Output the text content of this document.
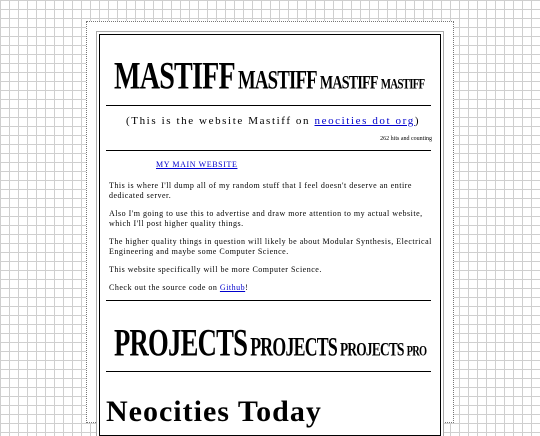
MASTIFF MASTIFF MASTIFF MASTIFF
(This is the website Mastiff on neocities dot org)
262 hits and counting
MY MAIN WEBSITE

This is where I'll dump all of my random stuff that I feel doesn't deserve an entire dedicated server.

Also I'm going to use this to advertise and draw more attention to my actual website, which I'll post higher quality things.

The higher quality things in question will likely be about Modular Synthesis, Electrical Engineering and maybe some Computer Science.

This website specifically will be more Computer Science.

Check out the source code on Github!

PROJECTS PROJECTS PROJECTS PRO
Neocities Today
